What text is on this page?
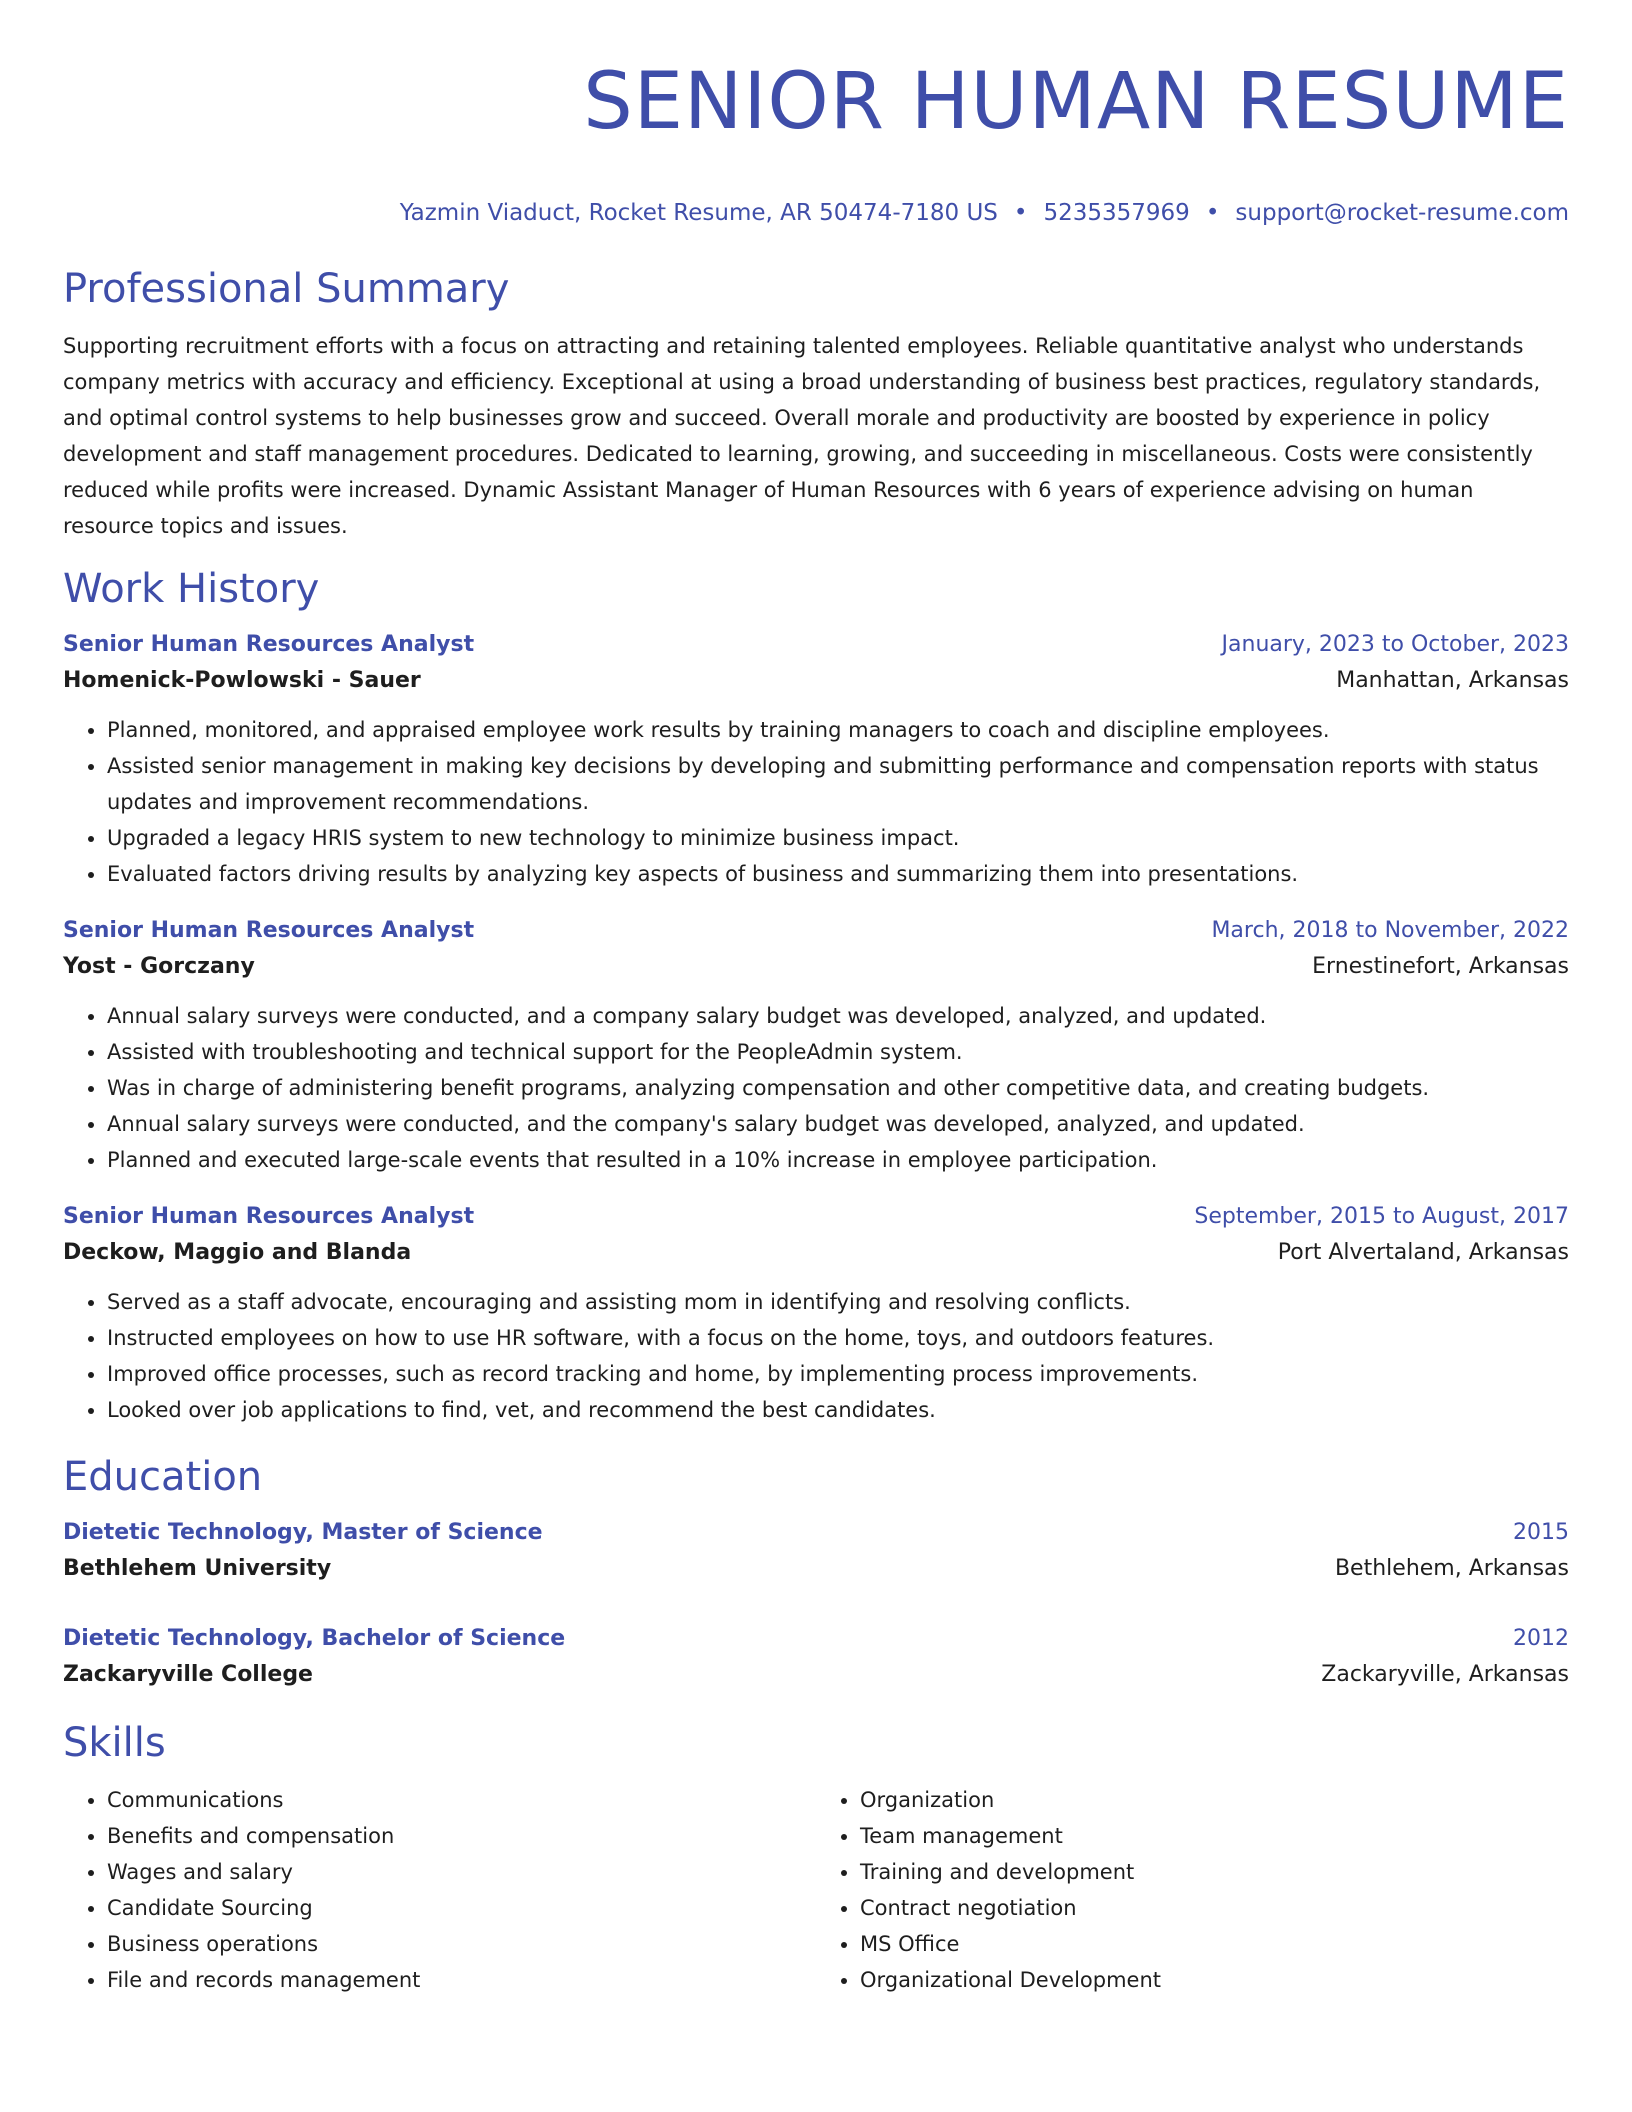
SENIOR HUMAN RESUME
Yazmin Viaduct, Rocket Resume, AR 50474-7180 US • 5235357969 • support@rocket-resume.com
Professional Summary

Supporting recruitment efforts with a focus on attracting and retaining talented employees. Reliable quantitative analyst who understands company metrics with accuracy and efficiency. Exceptional at using a broad understanding of business best practices, regulatory standards, and optimal control systems to help businesses grow and succeed. Overall morale and productivity are boosted by experience in policy development and staff management procedures. Dedicated to learning, growing, and succeeding in miscellaneous. Costs were consistently reduced while profits were increased. Dynamic Assistant Manager of Human Resources with 6 years of experience advising on human resource topics and issues.

Work History
Senior Human Resources Analyst	January, 2023 to October, 2023
Homenick-Powlowski - Sauer	Manhattan, Arkansas
• Planned, monitored, and appraised employee work results by training managers to coach and discipline employees.
• Assisted senior management in making key decisions by developing and submitting performance and compensation reports with status updates and improvement recommendations.
• Upgraded a legacy HRIS system to new technology to minimize business impact.
• Evaluated factors driving results by analyzing key aspects of business and summarizing them into presentations.
Senior Human Resources Analyst	March, 2018 to November, 2022
Yost - Gorczany	Ernestinefort, Arkansas
• Annual salary surveys were conducted, and a company salary budget was developed, analyzed, and updated.
• Assisted with troubleshooting and technical support for the PeopleAdmin system.
• Was in charge of administering benefit programs, analyzing compensation and other competitive data, and creating budgets.
• Annual salary surveys were conducted, and the company's salary budget was developed, analyzed, and updated.
• Planned and executed large-scale events that resulted in a 10% increase in employee participation.
Senior Human Resources Analyst	September, 2015 to August, 2017
Deckow, Maggio and Blanda	Port Alvertaland, Arkansas
• Served as a staff advocate, encouraging and assisting mom in identifying and resolving conflicts.
• Instructed employees on how to use HR software, with a focus on the home, toys, and outdoors features.
• Improved office processes, such as record tracking and home, by implementing process improvements.
• Looked over job applications to find, vet, and recommend the best candidates.
Education
Dietetic Technology, Master of Science	2015
Bethlehem University	Bethlehem, Arkansas
Dietetic Technology, Bachelor of Science	2012
Zackaryville College	Zackaryville, Arkansas
Skills
• Communications
• Benefits and compensation
• Wages and salary
• Candidate Sourcing
• Business operations
• File and records management
• Organization
• Team management
• Training and development
• Contract negotiation
• MS Office
• Organizational Development
